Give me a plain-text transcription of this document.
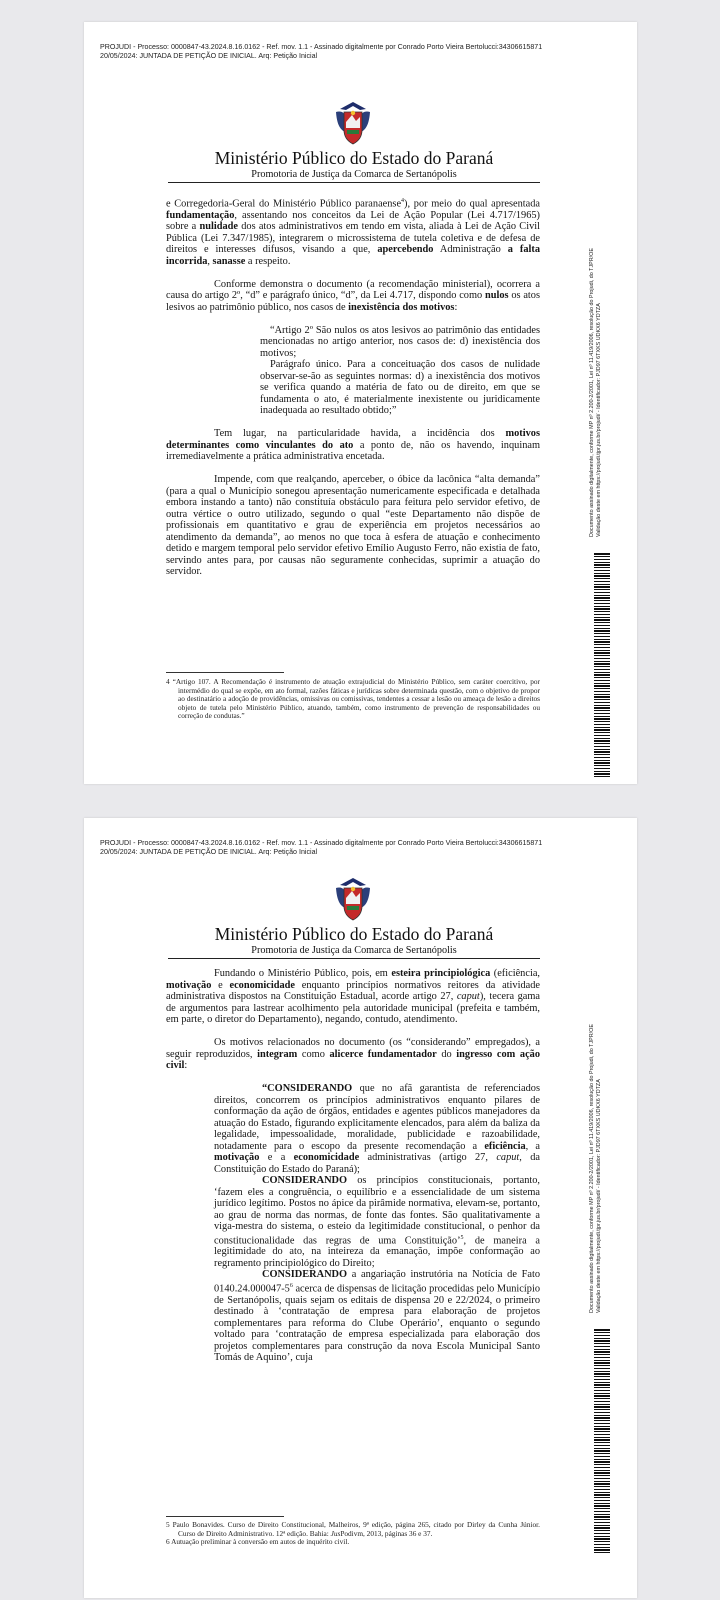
PROJUDI - Processo: 0000847-43.2024.8.16.0162 - Ref. mov. 1.1 - Assinado digitalmente por Conrado Porto Vieira Bertolucci:34306615871
20/05/2024: JUNTADA DE PETIÇÃO DE INICIAL. Arq: Petição Inicial
Ministério Público do Estado do Paraná
Promotoria de Justiça da Comarca de Sertanópolis

e Corregedoria-Geral do Ministério Público paranaense$^4$), por meio do qual apresentada fundamentação, assentando nos conceitos da Lei de Ação Popular (Lei 4.717/1965) sobre a nulidade dos atos administrativos em tendo em vista, aliada à Lei de Ação Civil Pública (Lei 7.347/1985), integrarem o microssistema de tutela coletiva e de defesa de direitos e interesses difusos, visando a que, apercebendo Administração a falta incorrida, sanasse a respeito.

Conforme demonstra o documento (a recomendação ministerial), ocorrera a causa do artigo 2º, “d” e parágrafo único, “d”, da Lei 4.717, dispondo como nulos os atos lesivos ao patrimônio público, nos casos de inexistência dos motivos:

“Artigo 2º São nulos os atos lesivos ao patrimônio das entidades mencionadas no artigo anterior, nos casos de: d) inexistência dos motivos;
Parágrafo único. Para a conceituação dos casos de nulidade observar-se-ão as seguintes normas: d) a inexistência dos motivos se verifica quando a matéria de fato ou de direito, em que se fundamenta o ato, é materialmente inexistente ou juridicamente inadequada ao resultado obtido;”

Tem lugar, na particularidade havida, a incidência dos motivos determinantes como vinculantes do ato a ponto de, não os havendo, inquinam irremediavelmente a prática administrativa encetada.

Impende, com que realçando, aperceber, o óbice da lacônica “alta demanda” (para a qual o Município sonegou apresentação numericamente especificada e detalhada embora instando a tanto) não constituía obstáculo para feitura pelo servidor efetivo, de outra vértice o outro utilizado, segundo o qual “este Departamento não dispõe de profissionais em quantitativo e grau de experiência em projetos necessários ao atendimento da demanda”, ao menos no que toca à esfera de atuação e conhecimento detido e margem temporal pelo servidor efetivo Emílio Augusto Ferro, não existia de fato, servindo antes para, por causas não seguramente conhecidas, suprimir a atuação do servidor.

4 “Artigo 107. A Recomendação é instrumento de atuação extrajudicial do Ministério Público, sem caráter coercitivo, por intermédio do qual se expõe, em ato formal, razões fáticas e jurídicas sobre determinada questão, com o objetivo de propor ao destinatário a adoção de providências, omissivas ou comissivas, tendentes a cessar a lesão ou ameaça de lesão a direitos objeto de tutela pelo Ministério Público, atuando, também, como instrumento de prevenção de responsabilidades ou correção de condutas.”
Documento assinado digitalmente, conforme MP nº 2.200-2/2001, Lei nº 11.419/2006, resolução do Projudi, do TJPR/OE Validação deste em https://projudi.tjpr.jus.br/projudi/ - Identificador: PJD97 6TXKS UDKX6 YDTZA
PROJUDI - Processo: 0000847-43.2024.8.16.0162 - Ref. mov. 1.1 - Assinado digitalmente por Conrado Porto Vieira Bertolucci:34306615871
20/05/2024: JUNTADA DE PETIÇÃO DE INICIAL. Arq: Petição Inicial
Ministério Público do Estado do Paraná
Promotoria de Justiça da Comarca de Sertanópolis

Fundando o Ministério Público, pois, em esteira principiológica (eficiência, motivação e economicidade enquanto princípios normativos reitores da atividade administrativa dispostos na Constituição Estadual, acorde artigo 27, caput), tecera gama de argumentos para lastrear acolhimento pela autoridade municipal (prefeita e também, em parte, o diretor do Departamento), negando, contudo, atendimento.

Os motivos relacionados no documento (os “considerando” empregados), a seguir reproduzidos, integram como alicerce fundamentador do ingresso com ação civil:

“CONSIDERANDO que no afã garantista de referenciados direitos, concorrem os princípios administrativos enquanto pilares de conformação da ação de órgãos, entidades e agentes públicos manejadores da atuação do Estado, figurando explicitamente elencados, para além da baliza da legalidade, impessoalidade, moralidade, publicidade e razoabilidade, notadamente para o escopo da presente recomendação a eficiência, a motivação e a economicidade administrativas (artigo 27, caput, da Constituição do Estado do Paraná);
CONSIDERANDO os princípios constitucionais, portanto, ‘fazem eles a congruência, o equilíbrio e a essencialidade de um sistema jurídico legítimo. Postos no ápice da pirâmide normativa, elevam-se, portanto, ao grau de norma das normas, de fonte das fontes. São qualitativamente a viga-mestra do sistema, o esteio da legitimidade constitucional, o penhor da constitucionalidade das regras de uma Constituição’$^5$, de maneira a legitimidade do ato, na inteireza da emanação, impõe conformação ao regramento principiológico do Direito;
CONSIDERANDO a angariação instrutória na Notícia de Fato $0140.24.000047-5^6$ acerca de dispensas de licitação procedidas pelo Município de Sertanópolis, quais sejam os editais de dispensa 20 e 22/2024, o primeiro destinado à ‘contratação de empresa para elaboração de projetos complementares para reforma do Clube Operário’, enquanto o segundo voltado para ‘contratação de empresa especializada para elaboração dos projetos complementares para construção da nova Escola Municipal Santo Tomás de Aquino’, cuja
5 Paulo Bonavides. Curso de Direito Constitucional, Malheiros, 9ª edição, página 265, citado por Dirley da Cunha Júnior. Curso de Direito Administrativo. 12ª edição. Bahia: JusPodivm, 2013, páginas 36 e 37.
6 Autuação preliminar à conversão em autos de inquérito civil.
Documento assinado digitalmente, conforme MP nº 2.200-2/2001, Lei nº 11.419/2006, resolução do Projudi, do TJPR/OE Validação deste em https://projudi.tjpr.jus.br/projudi/ - Identificador: PJD97 6TXKS UDKX6 YDTZA
